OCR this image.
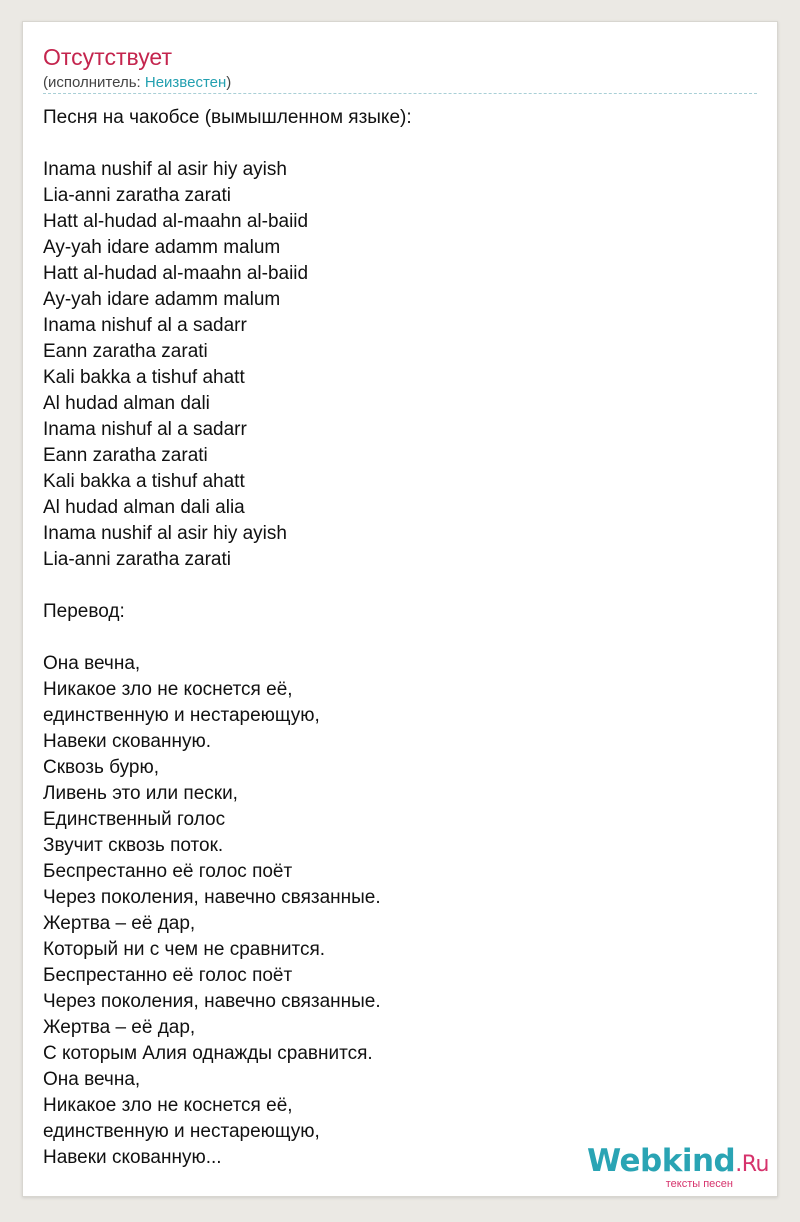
Отсутствует
(исполнитель: Неизвестен)
Песня на чакобсе (вымышленном языке):
Inama nushif al asir hiy ayish
Lia-anni zaratha zarati
Hatt al-hudad al-maahn al-baiid
Ay-yah idare adamm malum
Hatt al-hudad al-maahn al-baiid
Ay-yah idare adamm malum
Inama nishuf al a sadarr
Eann zaratha zarati
Kali bakka a tishuf ahatt
Al hudad alman dali
Inama nishuf al a sadarr
Eann zaratha zarati
Kali bakka a tishuf ahatt
Al hudad alman dali alia
Inama nushif al asir hiy ayish
Lia-anni zaratha zarati
Перевод:
Она вечна,
Никакое зло не коснется её,
единственную и нестареющую,
Навеки скованную.
Сквозь бурю,
Ливень это или пески,
Единственный голос
Звучит сквозь поток.
Беспрестанно её голос поёт
Через поколения, навечно связанные.
Жертва – её дар,
Который ни с чем не сравнится.
Беспрестанно её голос поёт
Через поколения, навечно связанные.
Жертва – её дар,
С которым Алия однажды сравнится.
Она вечна,
Никакое зло не коснется её,
единственную и нестареющую,
Навеки скованную...	Webkind.Ru
тексты песен
